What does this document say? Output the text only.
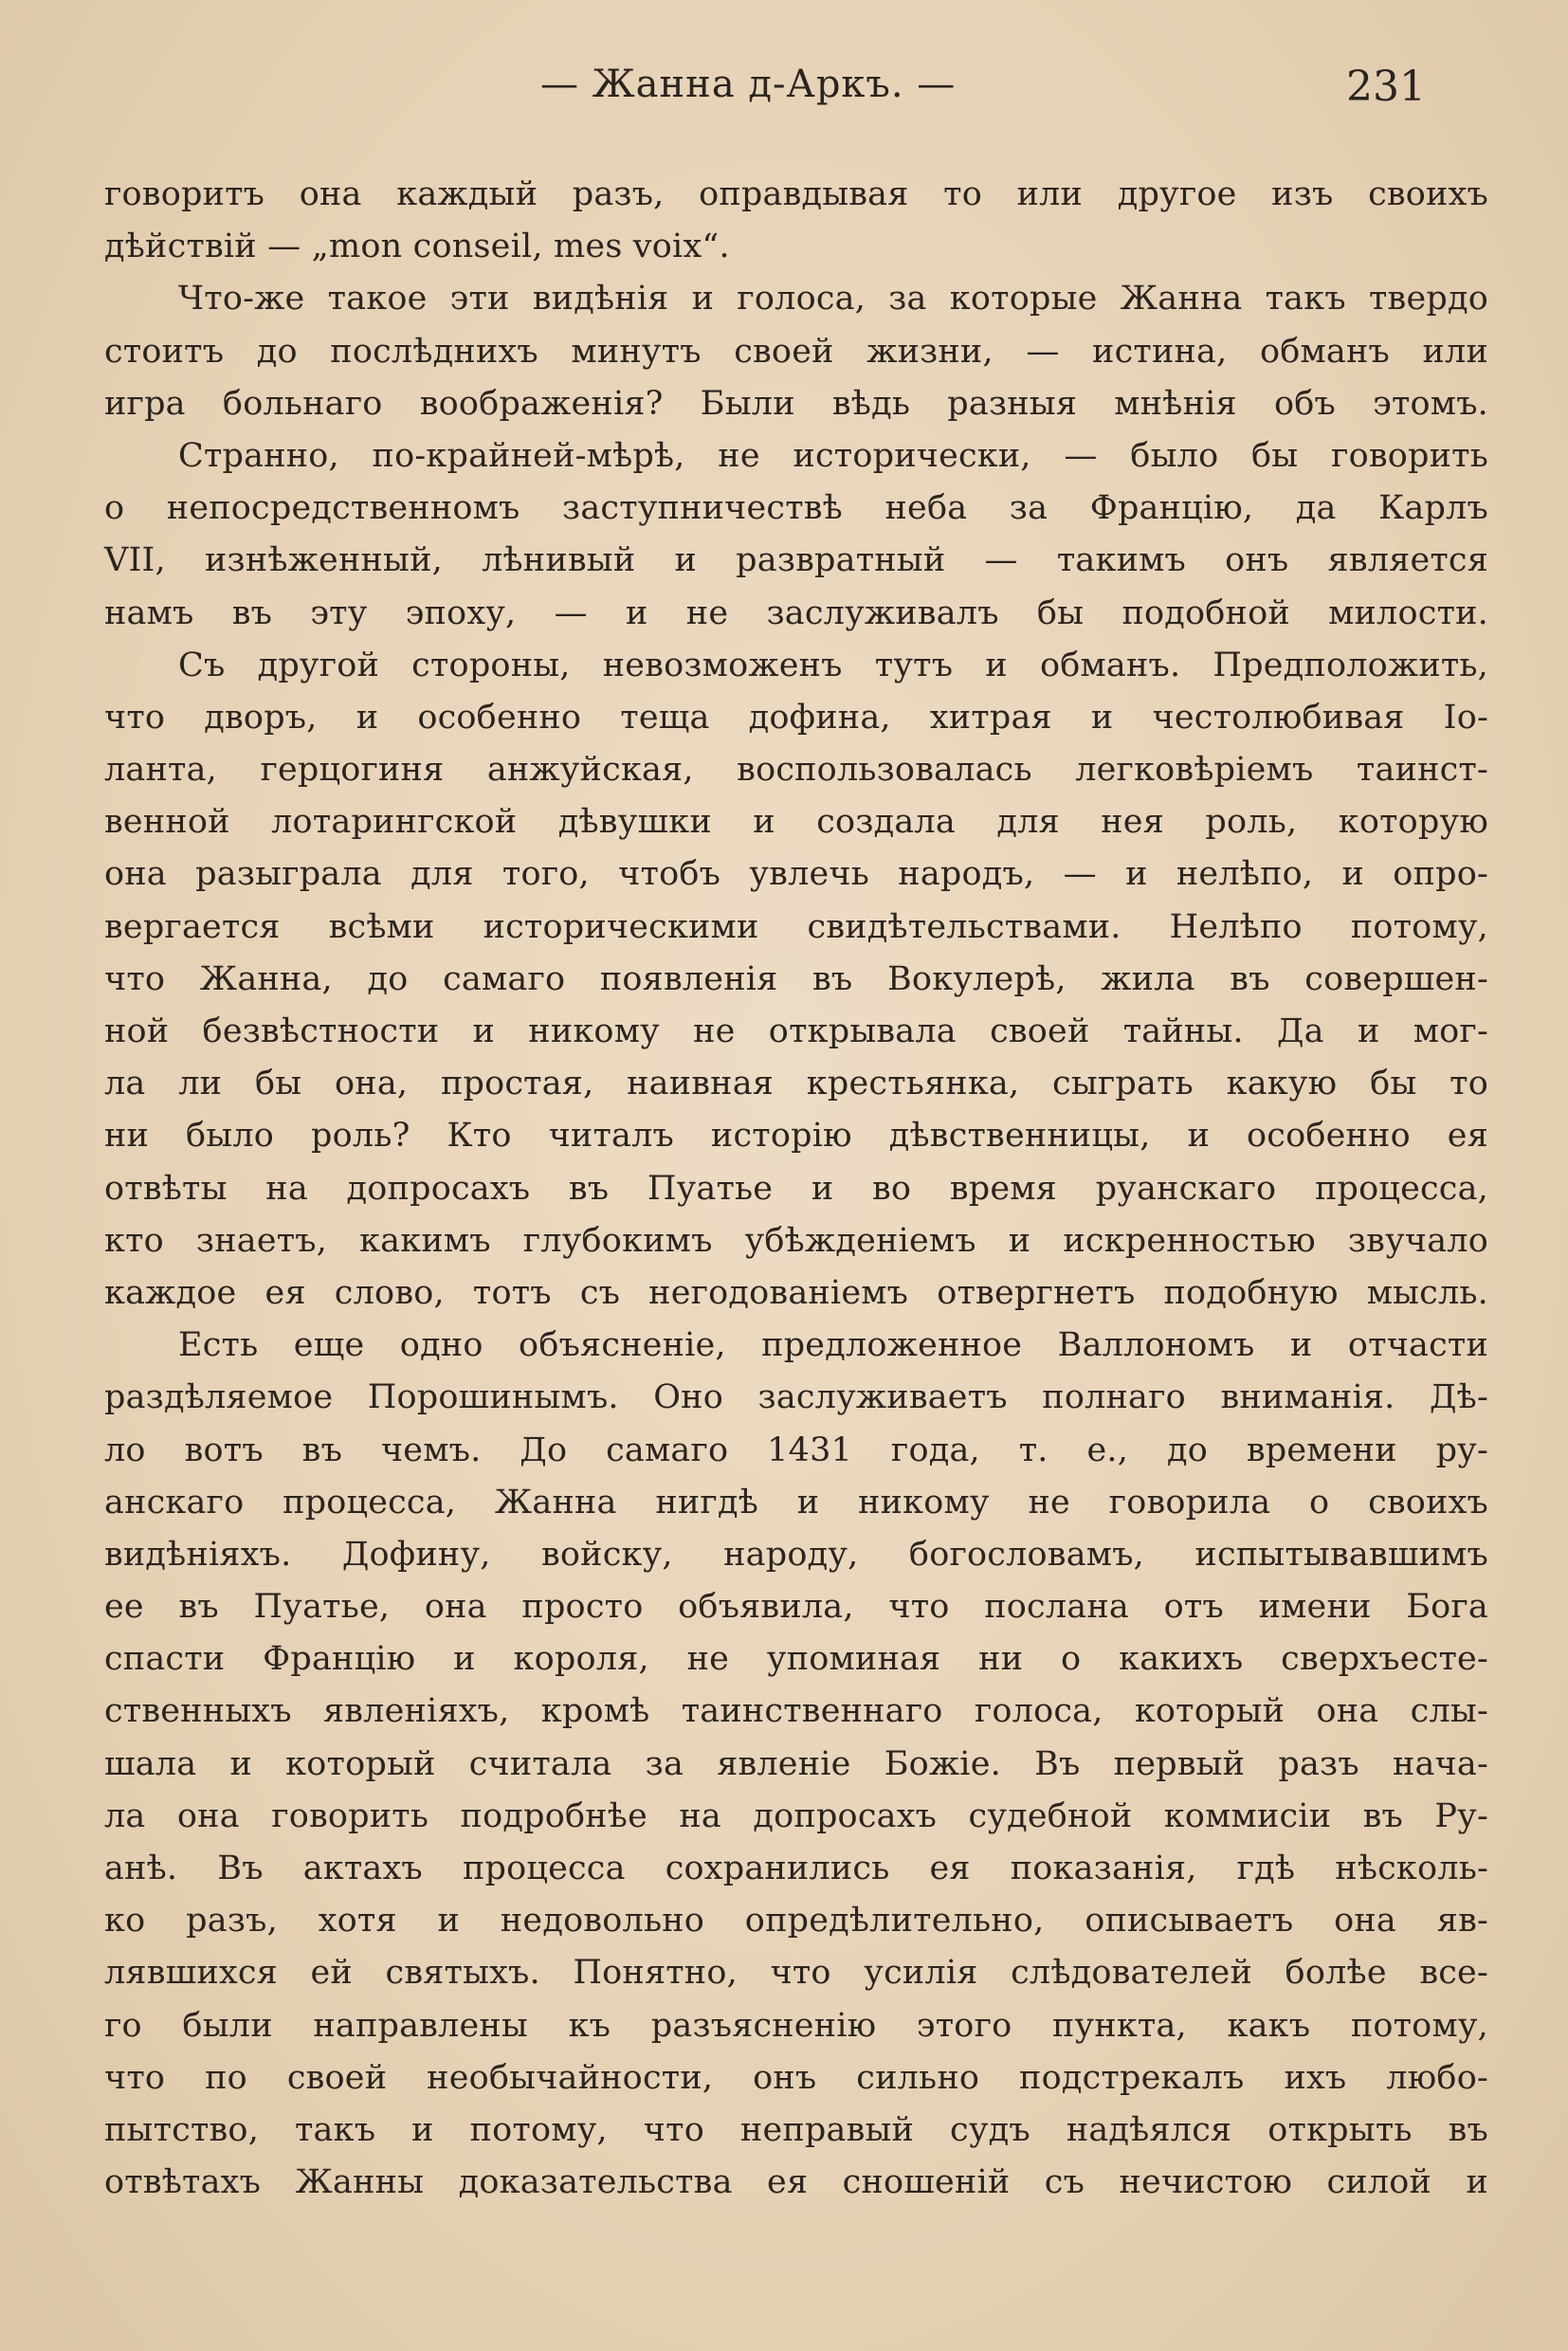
— Жанна д-Аркъ. —	231
говоритъ она каждый разъ, оправдывая то или другое изъ своихъ
дѣйствій — „mon conseil, mes voix“.
Что-же такое эти видѣнія и голоса, за которые Жанна такъ твердо
стоитъ до послѣднихъ минутъ своей жизни, — истина, обманъ или
игра больнаго воображенія? Были вѣдь разныя мнѣнія объ этомъ.
Странно, по-крайней-мѣрѣ, не исторически, — было бы говорить
о непосредственномъ заступничествѣ неба за Францію, да Карлъ
VII, изнѣженный, лѣнивый и развратный — такимъ онъ является
намъ въ эту эпоху, — и не заслуживалъ бы подобной милости.
Съ другой стороны, невозможенъ тутъ и обманъ. Предположить,
что дворъ, и особенно теща дофина, хитрая и честолюбивая Іо-
ланта, герцогиня анжуйская, воспользовалась легковѣріемъ таинст-
венной лотарингской дѣвушки и создала для нея роль, которую
она разыграла для того, чтобъ увлечь народъ, — и нелѣпо, и опро-
вергается всѣми историческими свидѣтельствами. Нелѣпо потому,
что Жанна, до самаго появленія въ Вокулерѣ, жила въ совершен-
ной безвѣстности и никому не открывала своей тайны. Да и мог-
ла ли бы она, простая, наивная крестьянка, сыграть какую бы то
ни было роль? Кто читалъ исторію дѣвственницы, и особенно ея
отвѣты на допросахъ въ Пуатье и во время руанскаго процесса,
кто знаетъ, какимъ глубокимъ убѣжденіемъ и искренностью звучало
каждое ея слово, тотъ съ негодованіемъ отвергнетъ подобную мысль.
Есть еще одно объясненіе, предложенное Валлономъ и отчасти
раздѣляемое Порошинымъ. Оно заслуживаетъ полнаго вниманія. Дѣ-
ло вотъ въ чемъ. До самаго 1431 года, т. е., до времени ру-
анскаго процесса, Жанна нигдѣ и никому не говорила о своихъ
видѣніяхъ. Дофину, войску, народу, богословамъ, испытывавшимъ
ее въ Пуатье, она просто объявила, что послана отъ имени Бога
спасти Францію и короля, не упоминая ни о какихъ сверхъесте-
ственныхъ явленіяхъ, кромѣ таинственнаго голоса, который она слы-
шала и который считала за явленіе Божіе. Въ первый разъ нача-
ла она говорить подробнѣе на допросахъ судебной коммисіи въ Ру-
анѣ. Въ актахъ процесса сохранились ея показанія, гдѣ нѣсколь-
ко разъ, хотя и недовольно опредѣлительно, описываетъ она яв-
лявшихся ей святыхъ. Понятно, что усилія слѣдователей болѣе все-
го были направлены къ разъясненію этого пункта, какъ потому,
что по своей необычайности, онъ сильно подстрекалъ ихъ любо-
пытство, такъ и потому, что неправый судъ надѣялся открыть въ
отвѣтахъ Жанны доказательства ея сношеній съ нечистою силой и
